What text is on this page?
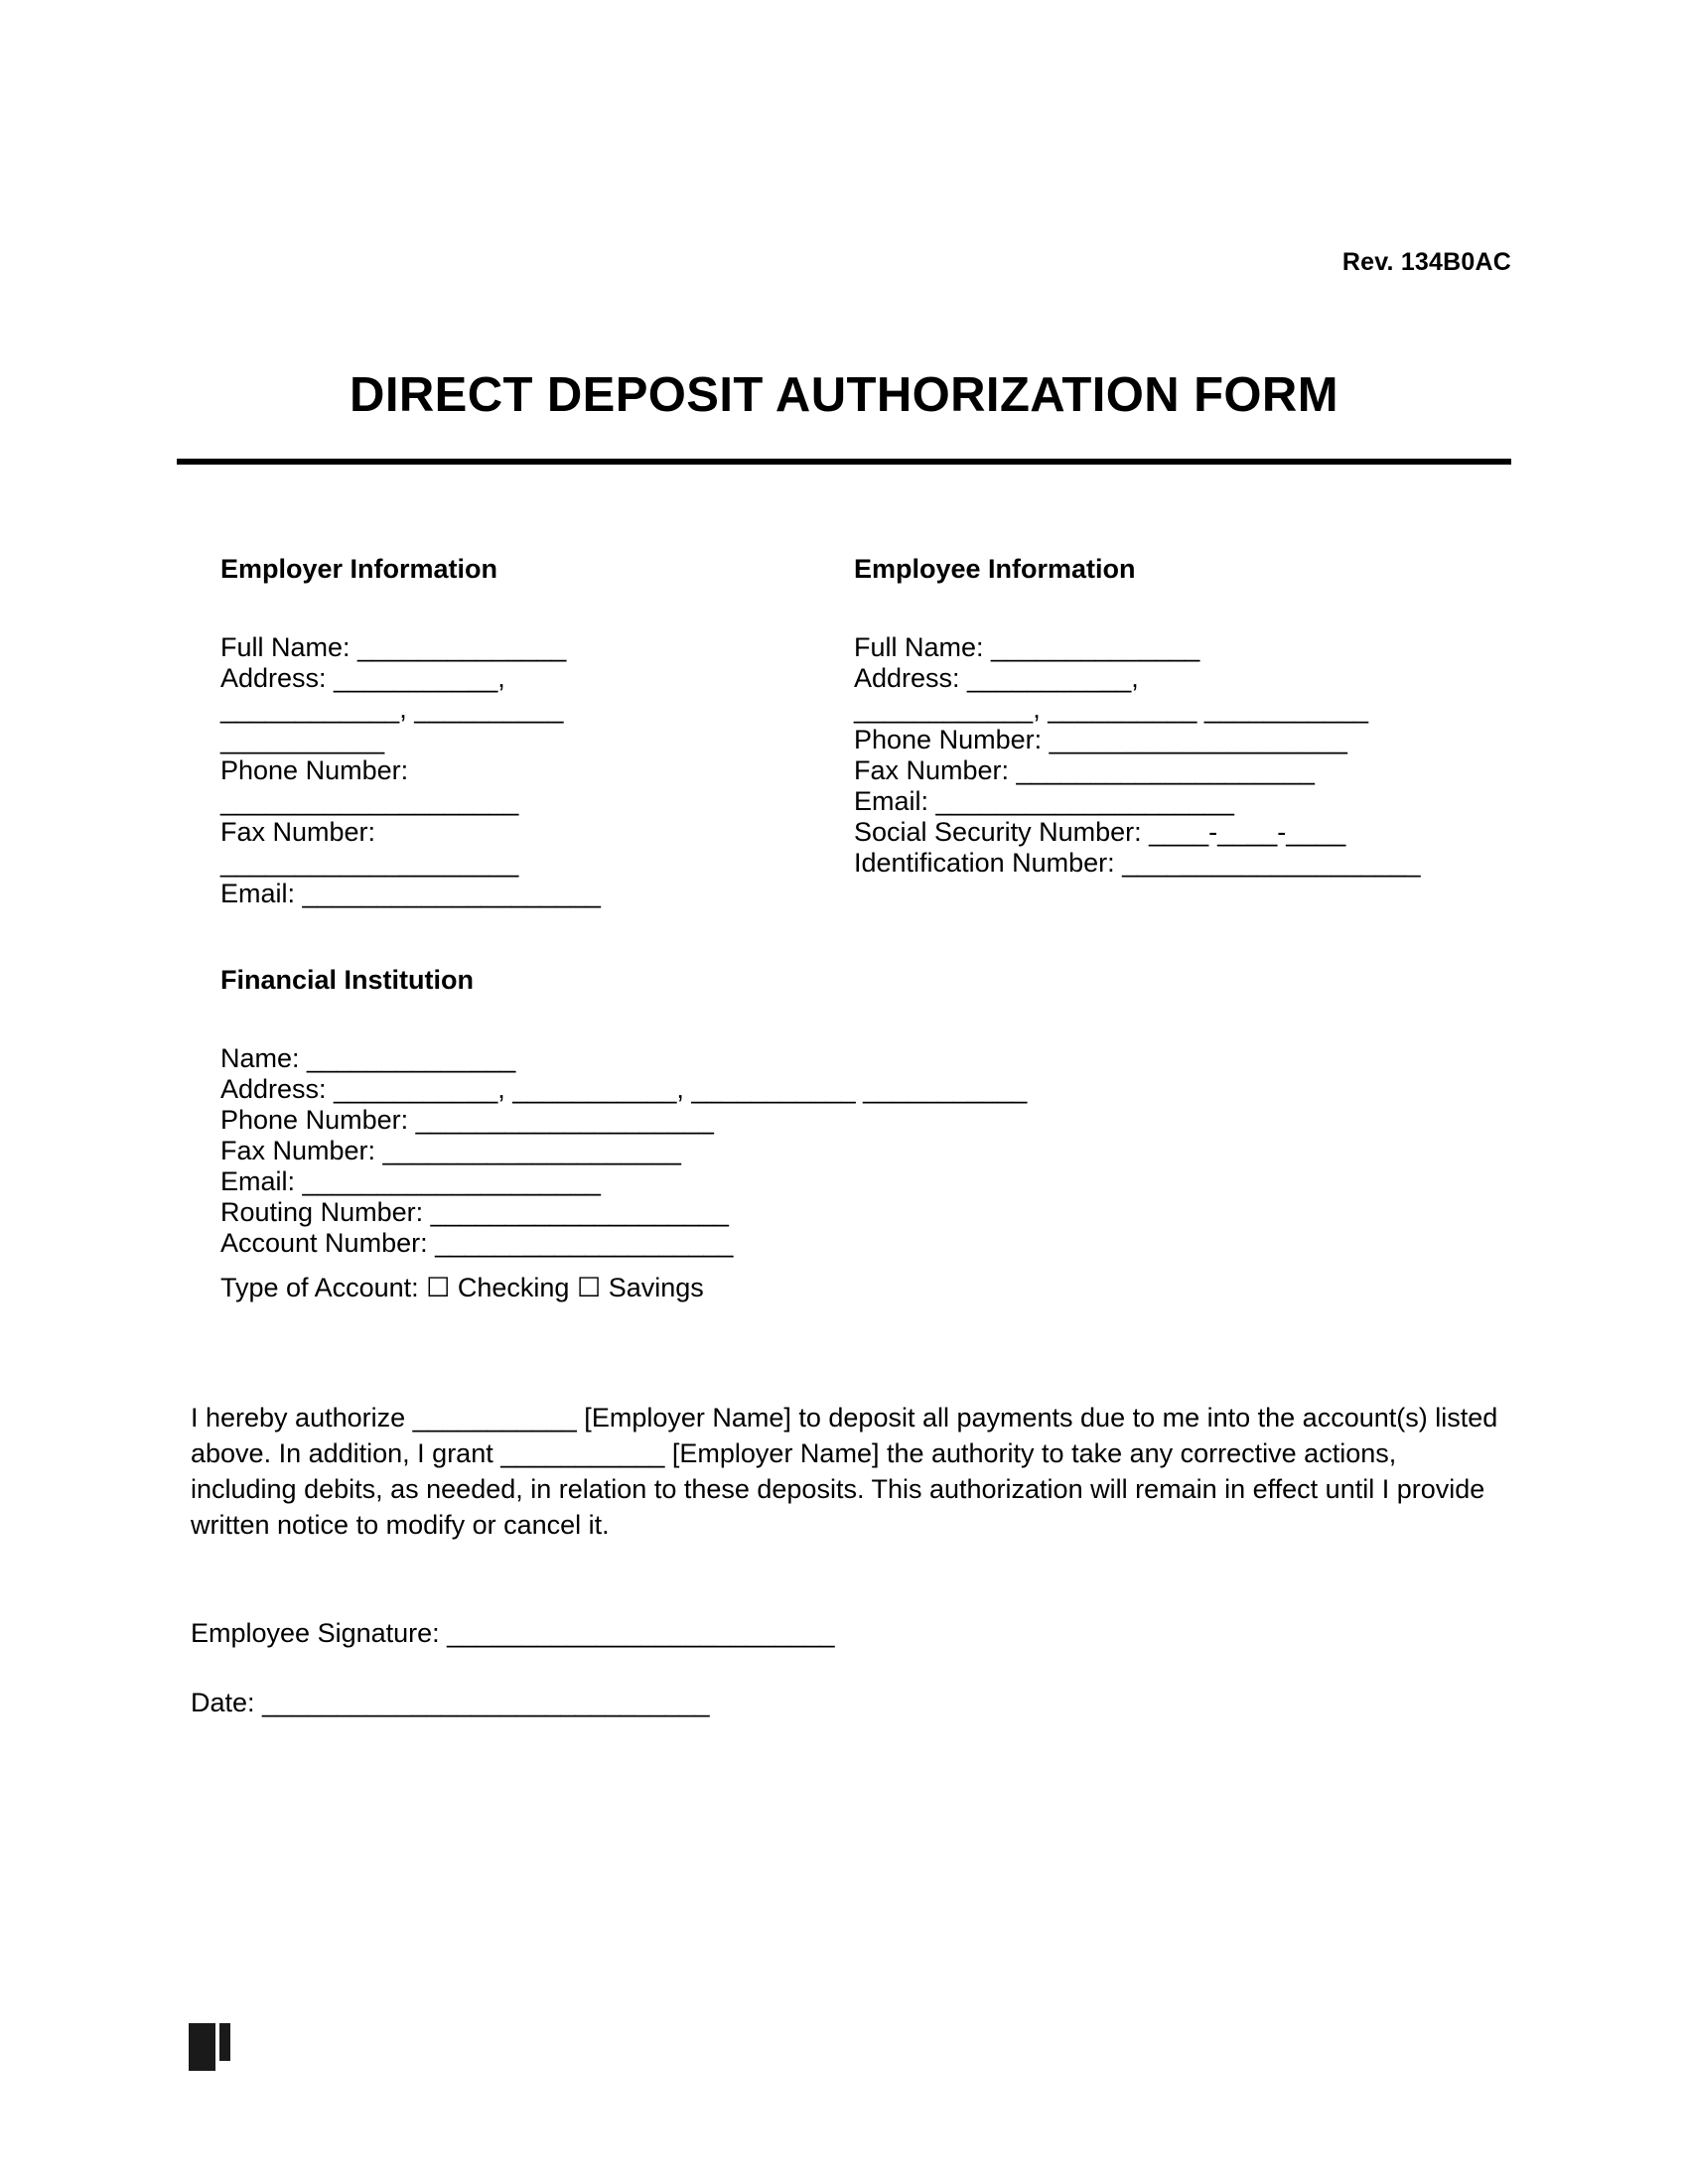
Rev. 134B0AC
DIRECT DEPOSIT AUTHORIZATION FORM
Employer Information
Full Name: ______________
Address: ___________,
____________, __________ ___________
Phone Number: ____________________
Fax Number: ____________________
Email: ____________________
Employee Information
Full Name: ______________
Address: ___________,
____________, __________ ___________
Phone Number: ____________________
Fax Number: ____________________
Email: ____________________
Social Security Number: ____-____-____
Identification Number: ____________________
Financial Institution
Name: ______________
Address: ___________, ___________, ___________ ___________
Phone Number: ____________________
Fax Number: ____________________
Email: ____________________
Routing Number: ____________________
Account Number: ____________________
Type of Account: ☐ Checking ☐ Savings
I hereby authorize ___________ [Employer Name] to deposit all payments due to me into the account(s) listed above. In addition, I grant ___________ [Employer Name] the authority to take any corrective actions, including debits, as needed, in relation to these deposits. This authorization will remain in effect until I provide written notice to modify or cancel it.
Employee Signature: __________________________
Date: ______________________________
